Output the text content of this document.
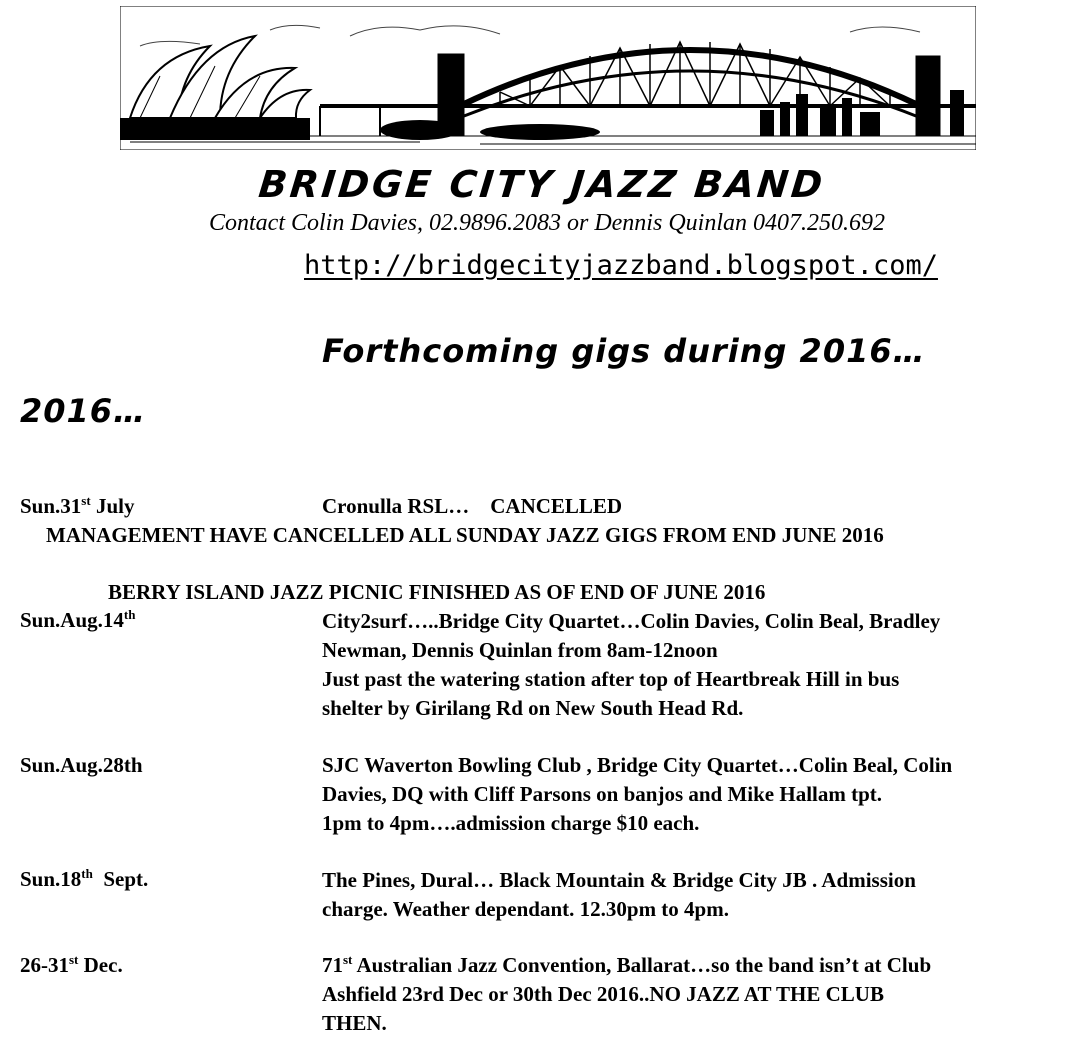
BRIDGE CITY JAZZ BAND
Contact Colin Davies, 02.9896.2083 or Dennis Quinlan 0407.250.692
http://bridgecityjazzband.blogspot.com/
Forthcoming gigs during 2016…
2016…
Sun.31st July	Cronulla RSL…    CANCELLED
MANAGEMENT HAVE CANCELLED ALL SUNDAY JAZZ GIGS FROM END JUNE 2016
BERRY ISLAND JAZZ PICNIC FINISHED AS OF END OF JUNE 2016
Sun.Aug.14th	City2surf…..Bridge City Quartet…Colin Davies, Colin Beal, Bradley
Newman, Dennis Quinlan from 8am-12noon
Just past the watering station after top of Heartbreak Hill in bus
shelter by Girilang Rd on New South Head Rd.
Sun.Aug.28th	SJC Waverton Bowling Club , Bridge City Quartet…Colin Beal, Colin
Davies, DQ with Cliff Parsons on banjos and Mike Hallam tpt.
1pm to 4pm….admission charge $10 each.
Sun.18th  Sept.	The Pines, Dural… Black Mountain & Bridge City JB . Admission
charge. Weather dependant. 12.30pm to 4pm.
26-31st Dec.	71st Australian Jazz Convention, Ballarat…so the band isn’t at Club
Ashfield 23rd Dec or 30th Dec 2016..NO JAZZ AT THE CLUB
THEN.
